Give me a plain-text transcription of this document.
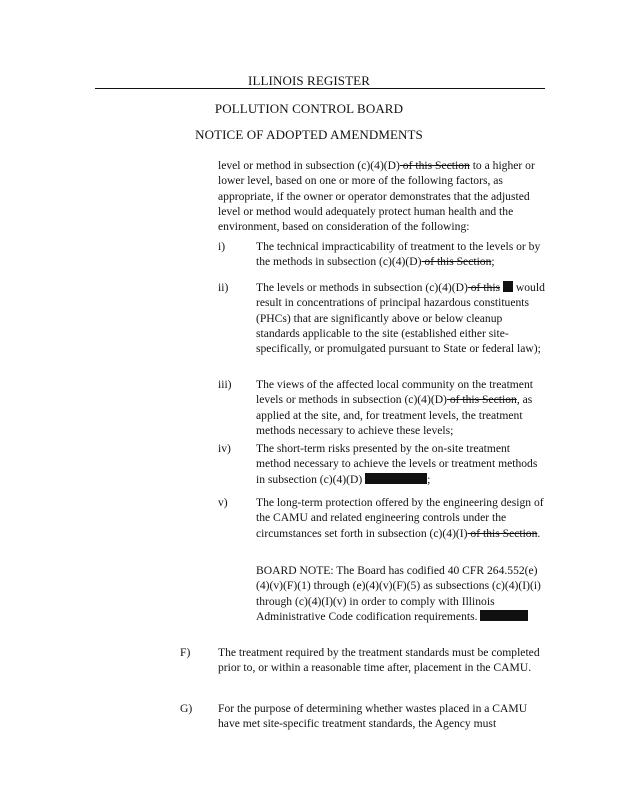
ILLINOIS REGISTER
POLLUTION CONTROL BOARD
NOTICE OF ADOPTED AMENDMENTS

level or method in subsection (c)(4)(D) of this Section to a higher or lower level, based on one or more of the following factors, as appropriate, if the owner or operator demonstrates that the adjusted level or method would adequately protect human health and the environment, based on consideration of the following:

i)	The technical impracticability of treatment to the levels or by the methods in subsection (c)(4)(D) of this Section;

ii) The levels or methods in subsection (c)(4)(D) of this  would result in concentrations of principal hazardous constituents (PHCs) that are significantly above or below cleanup standards applicable to the site (established either site-specifically, or promulgated pursuant to State or federal law);

iii) The views of the affected local community on the treatment levels or methods in subsection (c)(4)(D) of this Section, as applied at the site, and, for treatment levels, the treatment methods necessary to achieve these levels;

iv) The short-term risks presented by the on-site treatment method necessary to achieve the levels or treatment methods in subsection (c)(4)(D)	;

v) The long-term protection offered by the engineering design of the CAMU and related engineering controls under the circumstances set forth in subsection (c)(4)(I) of this Section.

BOARD NOTE: The Board has codified 40 CFR 264.552(e)(4)(v)(F)(1) through (e)(4)(v)(F)(5) as subsections (c)(4)(I)(i) through (c)(4)(I)(v) in order to comply with Illinois Administrative Code codification requirements.

F) The treatment required by the treatment standards must be completed prior to, or within a reasonable time after, placement in the CAMU.

G) For the purpose of determining whether wastes placed in a CAMU have met site-specific treatment standards, the Agency must
